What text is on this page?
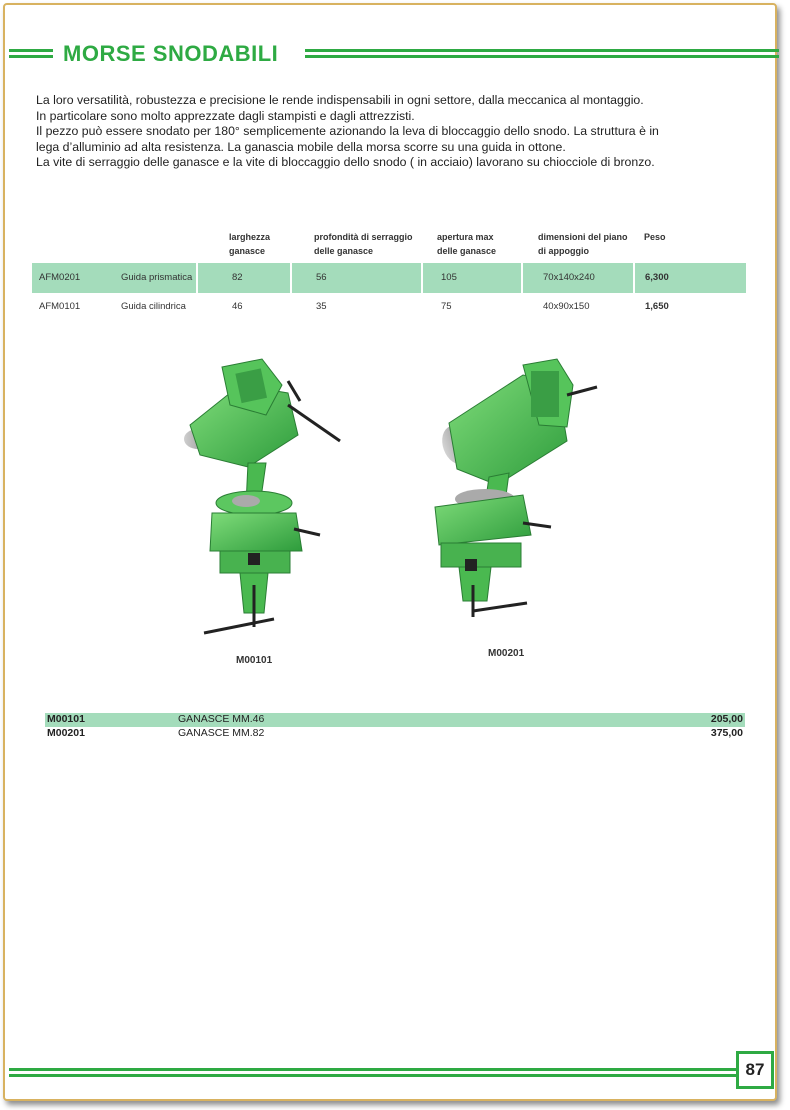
MORSE SNODABILI

La loro versatilità, robustezza e precisione le rende indispensabili in ogni settore, dalla meccanica al montaggio.

In particolare sono molto apprezzate dagli stampisti e dagli attrezzisti.

Il pezzo può essere snodato per 180° semplicemente azionando la leva di bloccaggio dello snodo. La struttura è in

lega d’alluminio ad alta resistenza. La ganascia mobile della morsa scorre su una guida in ottone.

La vite di serraggio delle ganasce e la vite di bloccaggio dello snodo ( in acciaio) lavorano su chiocciole di bronzo.

larghezza
ganasce
profondità di serraggio
delle ganasce
apertura max
delle ganasce
dimensioni del piano
di appoggio
Peso
AFM0201	Guida prismatica	82	56	105	70x140x240	6,300
AFM0101	Guida cilindrica	46	35	75	40x90x150	1,650
M00101
M00201
M00101	GANASCE MM.46	205,00
M00201	GANASCE MM.82	375,00
87
